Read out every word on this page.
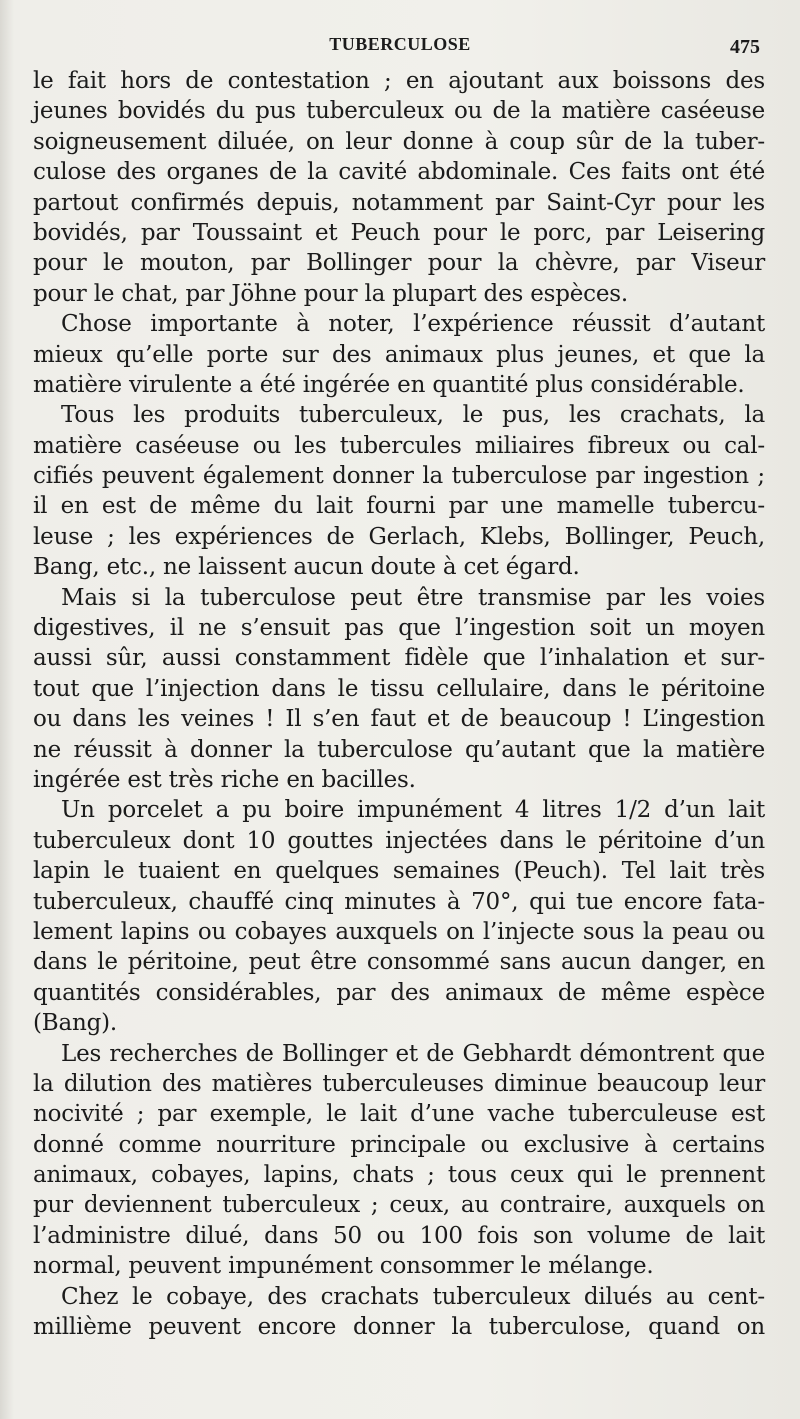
TUBERCULOSE	475
le fait hors de contestation ; en ajoutant aux boissons des
jeunes bovidés du pus tuberculeux ou de la matière caséeuse
soigneusement diluée, on leur donne à coup sûr de la tuber-
culose des organes de la cavité abdominale. Ces faits ont été
partout confirmés depuis, notamment par Saint-Cyr pour les
bovidés, par Toussaint et Peuch pour le porc, par Leisering
pour le mouton, par Bollinger pour la chèvre, par Viseur
pour le chat, par Jöhne pour la plupart des espèces.
Chose importante à noter, l’expérience réussit d’autant
mieux qu’elle porte sur des animaux plus jeunes, et que la
matière virulente a été ingérée en quantité plus considérable.
Tous les produits tuberculeux, le pus, les crachats, la
matière caséeuse ou les tubercules miliaires fibreux ou cal-
cifiés peuvent également donner la tuberculose par ingestion ;
il en est de même du lait fourni par une mamelle tubercu-
leuse ; les expériences de Gerlach, Klebs, Bollinger, Peuch,
Bang, etc., ne laissent aucun doute à cet égard.
Mais si la tuberculose peut être transmise par les voies
digestives, il ne s’ensuit pas que l’ingestion soit un moyen
aussi sûr, aussi constamment fidèle que l’inhalation et sur-
tout que l’injection dans le tissu cellulaire, dans le péritoine
ou dans les veines ! Il s’en faut et de beaucoup ! L’ingestion
ne réussit à donner la tuberculose qu’autant que la matière
ingérée est très riche en bacilles.
Un porcelet a pu boire impunément 4 litres 1/2 d’un lait
tuberculeux dont 10 gouttes injectées dans le péritoine d’un
lapin le tuaient en quelques semaines (Peuch). Tel lait très
tuberculeux, chauffé cinq minutes à 70°, qui tue encore fata-
lement lapins ou cobayes auxquels on l’injecte sous la peau ou
dans le péritoine, peut être consommé sans aucun danger, en
quantités considérables, par des animaux de même espèce
(Bang).
Les recherches de Bollinger et de Gebhardt démontrent que
la dilution des matières tuberculeuses diminue beaucoup leur
nocivité ; par exemple, le lait d’une vache tuberculeuse est
donné comme nourriture principale ou exclusive à certains
animaux, cobayes, lapins, chats ; tous ceux qui le prennent
pur deviennent tuberculeux ; ceux, au contraire, auxquels on
l’administre dilué, dans 50 ou 100 fois son volume de lait
normal, peuvent impunément consommer le mélange.
Chez le cobaye, des crachats tuberculeux dilués au cent-
millième peuvent encore donner la tuberculose, quand on
